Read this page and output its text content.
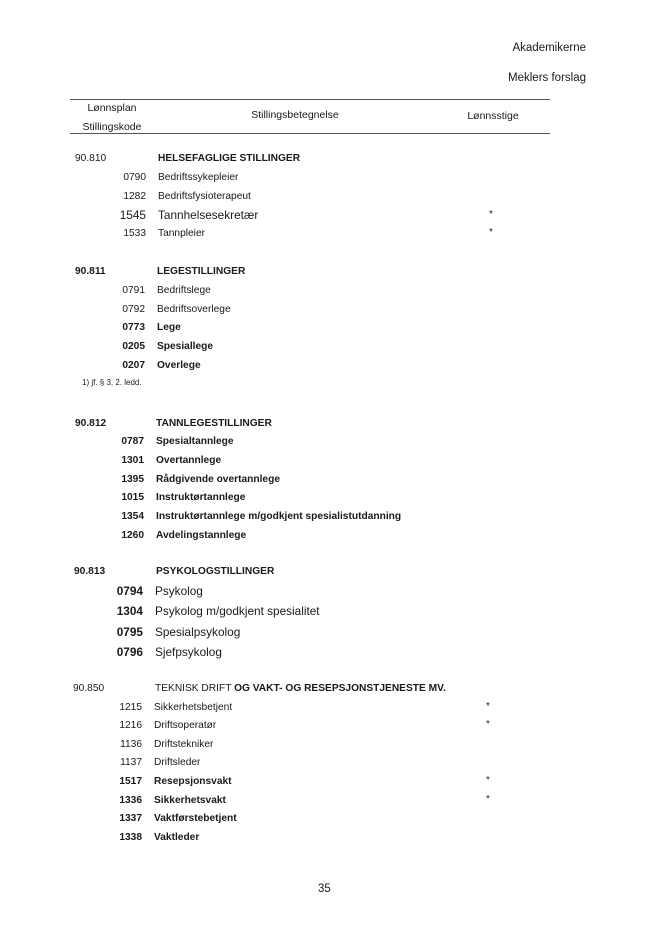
Akademikerne
Meklers forslag
Lønnsplan
Stillingskode
Stillingsbetegnelse	Lønnsstige
90.810	HELSEFAGLIGE STILLINGER
0790 Bedriftssykepleier
1282 Bedriftsfysioterapeut
1545 Tannhelsesekretær	*
1533 Tannpleier	*
90.811	LEGESTILLINGER
0791 Bedriftslege
0792 Bedriftsoverlege
0773 Lege
0205 Spesiallege
0207 Overlege
1) jf. § 3, 2. ledd.
90.812	TANNLEGESTILLINGER
0787 Spesialtannlege
1301 Overtannlege
1395 Rådgivende overtannlege
1015 Instruktørtannlege
1354 Instruktørtannlege m/godkjent spesialistutdanning
1260 Avdelingstannlege
90.813	PSYKOLOGSTILLINGER
0794 Psykolog
1304 Psykolog m/godkjent spesialitet
0795 Spesialpsykolog
0796 Sjefpsykolog
90.850	TEKNISK DRIFT OG VAKT- OG RESEPSJONSTJENESTE MV.
1215 Sikkerhetsbetjent	*
1216 Driftsoperatør	*
1136 Driftstekniker
1137 Driftsleder
1517 Resepsjonsvakt	*
1336 Sikkerhetsvakt	*
1337 Vaktførstebetjent
1338 Vaktleder
35
